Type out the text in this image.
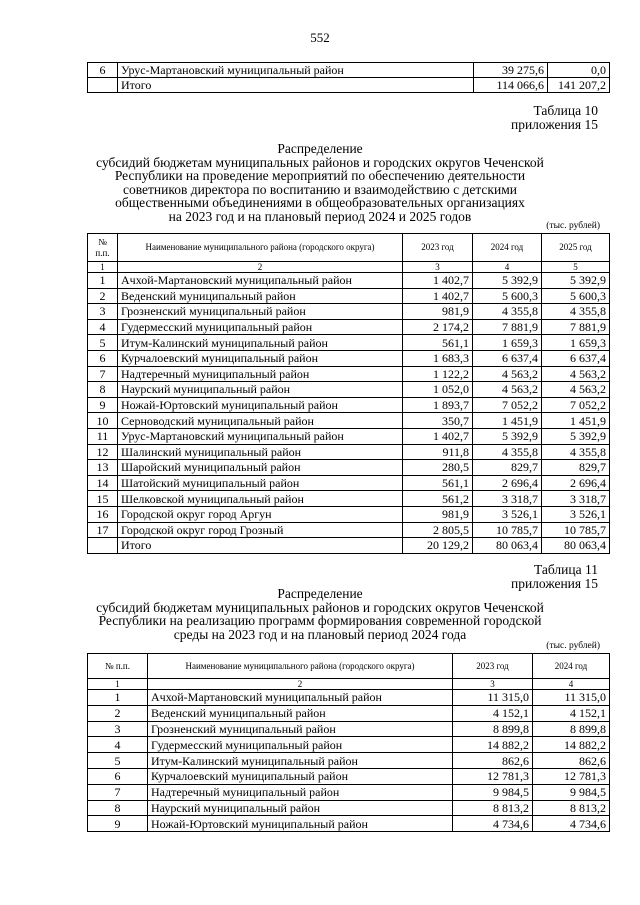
552
6	Урус-Мартановский муниципальный район	39 275,6	0,0
	Итого	114 066,6	141 207,2
Таблица 10
приложения 15
Распределение
субсидий бюджетам муниципальных районов и городских округов Чеченской
Республики на проведение мероприятий по обеспечению деятельности
советников директора по воспитанию и взаимодействию с детскими
общественными объединениями в общеобразовательных организациях
на 2023 год и на плановый период 2024 и 2025 годов
(тыс. рублей)
№ п.п.	Наименование муниципального района (городского округа)	2023 год	2024 год	2025 год
1	2	3	4	5
1	Ачхой-Мартановский муниципальный район	1 402,7	5 392,9	5 392,9
2	Веденский муниципальный район	1 402,7	5 600,3	5 600,3
3	Грозненский муниципальный район	981,9	4 355,8	4 355,8
4	Гудермесский муниципальный район	2 174,2	7 881,9	7 881,9
5	Итум-Калинский муниципальный район	561,1	1 659,3	1 659,3
6	Курчалоевский муниципальный район	1 683,3	6 637,4	6 637,4
7	Надтеречный муниципальный район	1 122,2	4 563,2	4 563,2
8	Наурский муниципальный район	1 052,0	4 563,2	4 563,2
9	Ножай-Юртовский муниципальный район	1 893,7	7 052,2	7 052,2
10	Серноводский муниципальный район	350,7	1 451,9	1 451,9
11	Урус-Мартановский муниципальный район	1 402,7	5 392,9	5 392,9
12	Шалинский муниципальный район	911,8	4 355,8	4 355,8
13	Шаройский муниципальный район	280,5	829,7	829,7
14	Шатойский муниципальный район	561,1	2 696,4	2 696,4
15	Шелковской муниципальный район	561,2	3 318,7	3 318,7
16	Городской округ город Аргун	981,9	3 526,1	3 526,1
17	Городской округ город Грозный	2 805,5	10 785,7	10 785,7
	Итого	20 129,2	80 063,4	80 063,4
Таблица 11
приложения 15
Распределение
субсидий бюджетам муниципальных районов и городских округов Чеченской
Республики на реализацию программ формирования современной городской
среды на 2023 год и на плановый период 2024 года
(тыс. рублей)
№ п.п.	Наименование муниципального района (городского округа)	2023 год	2024 год
1	2	3	4
1	Ачхой-Мартановский муниципальный район	11 315,0	11 315,0
2	Веденский муниципальный район	4 152,1	4 152,1
3	Грозненский муниципальный район	8 899,8	8 899,8
4	Гудермесский муниципальный район	14 882,2	14 882,2
5	Итум-Калинский муниципальный район	862,6	862,6
6	Курчалоевский муниципальный район	12 781,3	12 781,3
7	Надтеречный муниципальный район	9 984,5	9 984,5
8	Наурский муниципальный район	8 813,2	8 813,2
9	Ножай-Юртовский муниципальный район	4 734,6	4 734,6
